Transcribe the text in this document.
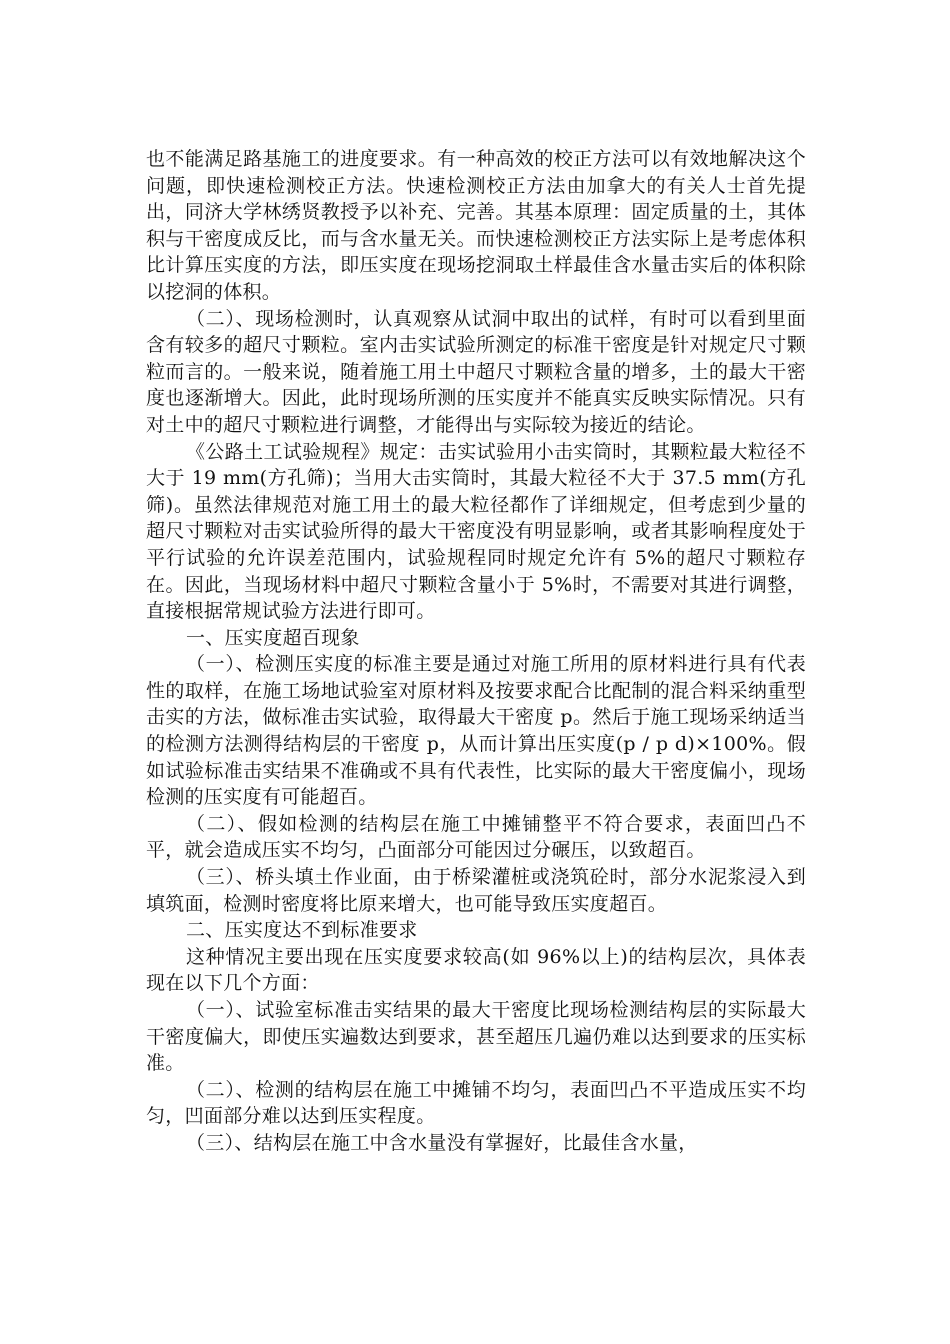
也不能满足路基施工的进度要求。有一种高效的校正方法可以有效地解决这个问题，即快速检测校正方法。快速检测校正方法由加拿大的有关人士首先提出，同济大学林绣贤教授予以补充、完善。其基本原理：固定质量的土，其体积与干密度成反比，而与含水量无关。而快速检测校正方法实际上是考虑体积比计算压实度的方法，即压实度在现场挖洞取土样最佳含水量击实后的体积除以挖洞的体积。

（二）、现场检测时，认真观察从试洞中取出的试样，有时可以看到里面含有较多的超尺寸颗粒。室内击实试验所测定的标准干密度是针对规定尺寸颗粒而言的。一般来说，随着施工用土中超尺寸颗粒含量的增多，土的最大干密度也逐渐增大。因此，此时现场所测的压实度并不能真实反映实际情况。只有对土中的超尺寸颗粒进行调整，才能得出与实际较为接近的结论。

《公路土工试验规程》规定：击实试验用小击实筒时，其颗粒最大粒径不大于 19 mm(方孔筛)；当用大击实筒时，其最大粒径不大于 37.5 mm(方孔筛)。虽然法律规范对施工用土的最大粒径都作了详细规定，但考虑到少量的超尺寸颗粒对击实试验所得的最大干密度没有明显影响，或者其影响程度处于平行试验的允许误差范围内，试验规程同时规定允许有 5%的超尺寸颗粒存在。因此，当现场材料中超尺寸颗粒含量小于 5%时，不需要对其进行调整，直接根据常规试验方法进行即可。

一、压实度超百现象

（一）、检测压实度的标准主要是通过对施工所用的原材料进行具有代表性的取样，在施工场地试验室对原材料及按要求配合比配制的混合料采纳重型击实的方法，做标准击实试验，取得最大干密度 p。然后于施工现场采纳适当的检测方法测得结构层的干密度 p，从而计算出压实度(p / p d)×100%。假如试验标准击实结果不准确或不具有代表性，比实际的最大干密度偏小，现场检测的压实度有可能超百。

（二）、假如检测的结构层在施工中摊铺整平不符合要求，表面凹凸不平，就会造成压实不均匀，凸面部分可能因过分碾压，以致超百。

（三）、桥头填土作业面，由于桥梁灌桩或浇筑砼时，部分水泥浆浸入到填筑面，检测时密度将比原来增大，也可能导致压实度超百。

二、压实度达不到标准要求

这种情况主要出现在压实度要求较高(如 96%以上)的结构层次，具体表现在以下几个方面：

（一）、试验室标准击实结果的最大干密度比现场检测结构层的实际最大干密度偏大，即使压实遍数达到要求，甚至超压几遍仍难以达到要求的压实标准。

（二）、检测的结构层在施工中摊铺不均匀，表面凹凸不平造成压实不均匀，凹面部分难以达到压实程度。

（三）、结构层在施工中含水量没有掌握好，比最佳含水量，
